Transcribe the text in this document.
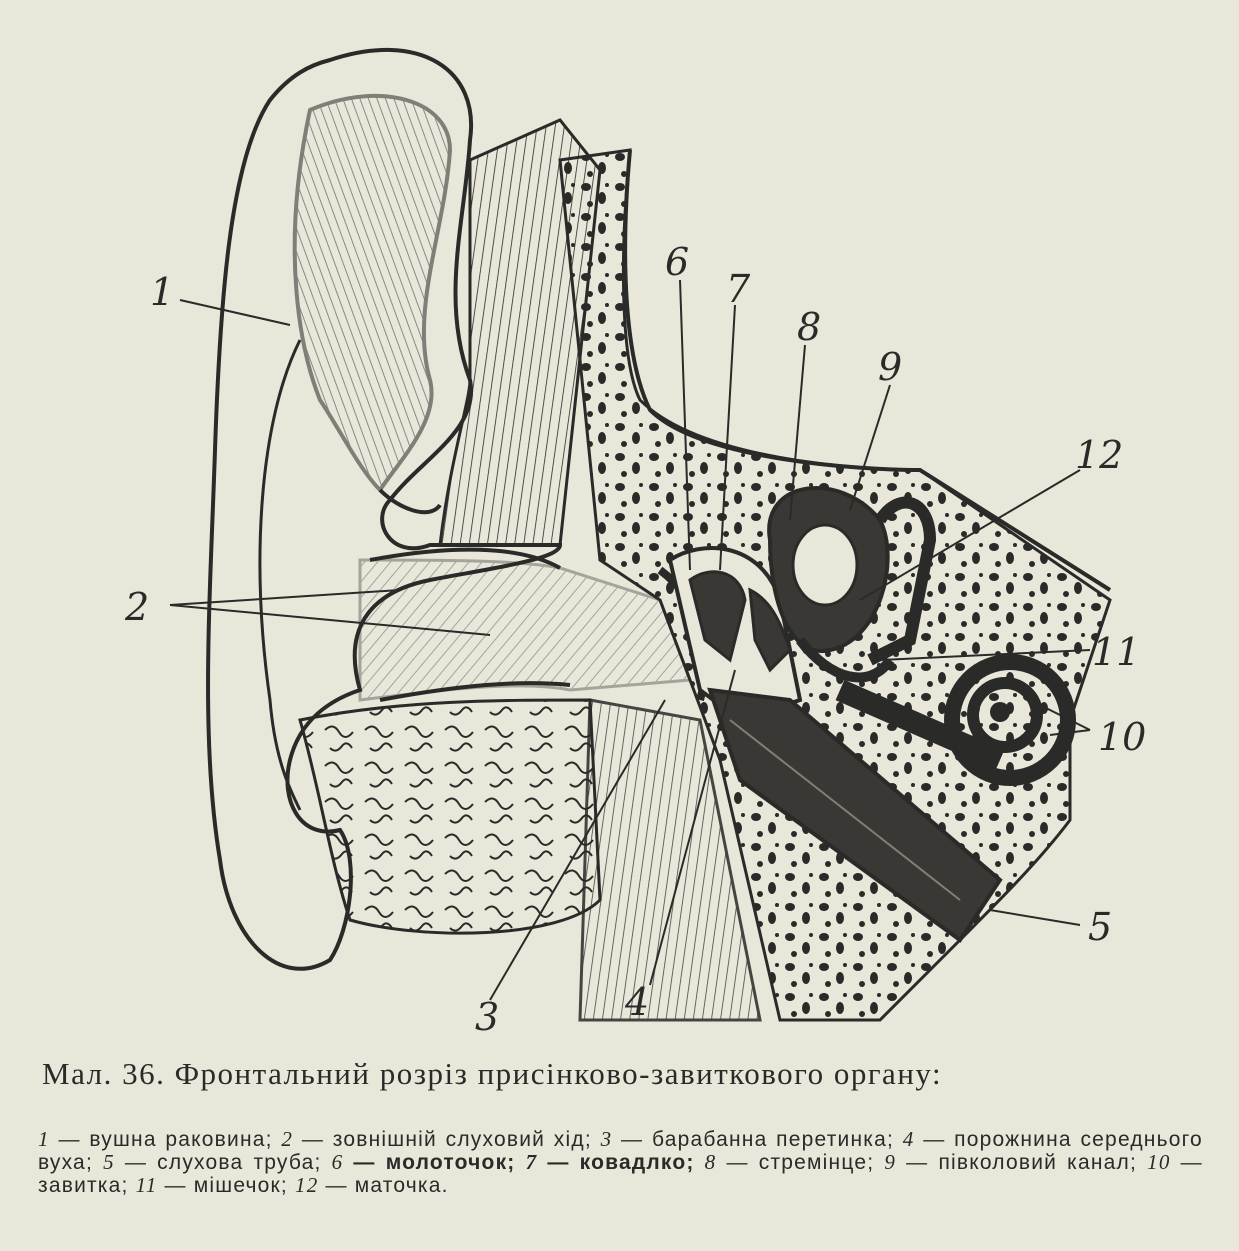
1
2
3	4
5
6
7
8
9
10
11
12
Мал. 36. Фронтальний розріз присінково-завиткового органу:
1 — вушна раковина; 2 — зовнішній слуховий хід; 3 — барабанна перетинка; 4 — порожнина середнього вуха; 5 — слухова труба; 6 — молоточок; 7 — ковадлко; 8 — стремінце; 9 — півколовий канал; 10 — завитка; 11 — мішечок; 12 — маточка.
